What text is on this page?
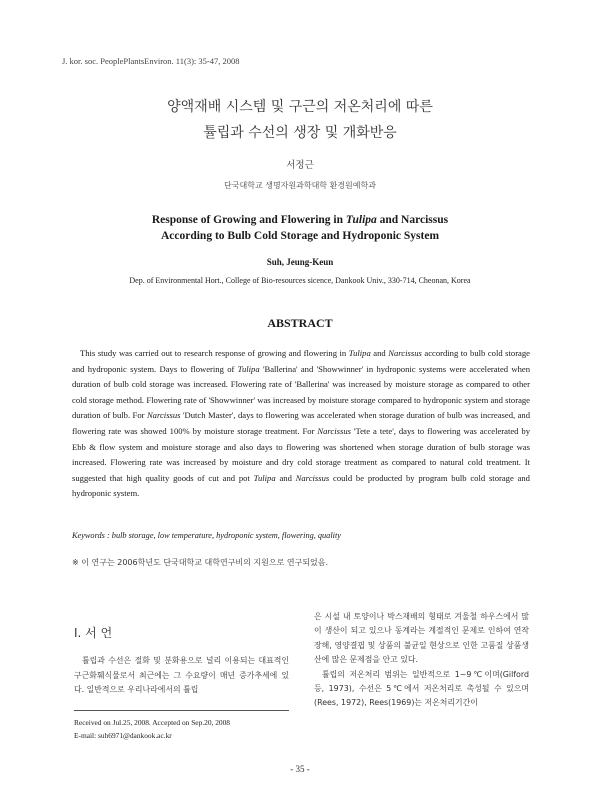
J. kor. soc. PeoplePlantsEnviron. 11(3): 35-47, 2008
양액재배 시스템 및 구근의 저온처리에 따른
튤립과 수선의 생장 및 개화반응
서정근
단국대학교 생명자원과학대학 환경원예학과
Response of Growing and Flowering in Tulipa and Narcissus
According to Bulb Cold Storage and Hydroponic System
Suh, Jeung-Keun
Dep. of Environmental Hort., College of Bio-resources sicence, Dankook Univ., 330-714, Cheonan, Korea
ABSTRACT
This study was carried out to research response of growing and flowering in Tulipa and Narcissus according to bulb cold storage and hydroponic system. Days to flowering of Tulipa 'Ballerina' and 'Showwinner' in hydroponic systems were accelerated when duration of bulb cold storage was increased. Flowering rate of 'Ballerina' was increased by moisture storage as compared to other cold storage method. Flowering rate of 'Showwinner' was increased by moisture storage compared to hydroponic system and storage duration of bulb. For Narcissus 'Dutch Master', days to flowering was accelerated when storage duration of bulb was increased, and flowering rate was showed 100% by moisture storage treatment. For Narcissus 'Tete a tete', days to flowering was accelerated by Ebb & flow system and moisture storage and also days to flowering was shortened when storage duration of bulb storage was increased. Flowering rate was increased by moisture and dry cold storage treatment as compared to natural cold treatment. It suggested that high quality goods of cut and pot Tulipa and Narcissus could be producted by program bulb cold storage and hydroponic system.
Keywords : bulb storage, low temperature, hydroponic system, flowering, quality
※ 이 연구는 2006학년도 단국대학교 대학연구비의 지원으로 연구되었음.
I. 서 언
튤립과 수선은 절화 및 분화용으로 널리 이용되는 대표적인 구근화훼식물로서 최근에는 그 수요량이 매년 증가추세에 있다. 일반적으로 우리나라에서의 튤립
Received on Jul.25, 2008. Accepted on Sep.20, 2008
E-mail: suh6971@dankook.ac.kr

은 시설 내 토양이나 박스재배의 형태로 겨울철 하우스에서 많이 생산이 되고 있으나 동계라는 계절적인 문제로 인하여 연작장해, 영양결핍 및 상품의 불균일 현상으로 인한 고품질 상품생산에 많은 문제점을 안고 있다.

튤립의 저온처리 범위는 일반적으로 1~9℃이며(Gilford 등, 1973), 수선은 5℃에서 저온처리로 촉성될 수 있으며(Rees, 1972), Rees(1969)는 저온처리기간이

- 35 -
